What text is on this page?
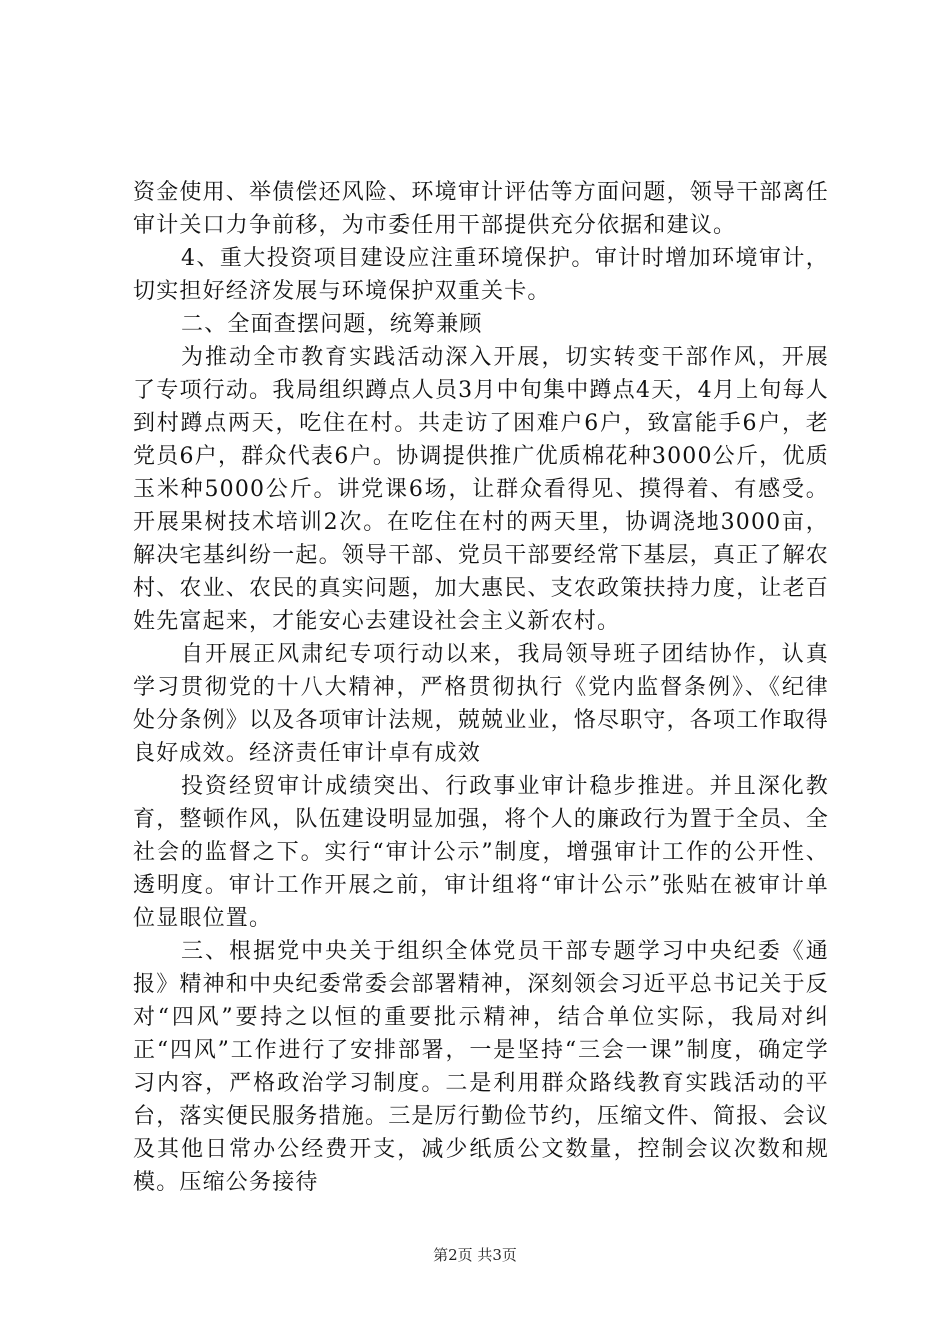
资金使用、举债偿还风险、环境审计评估等方面问题，领导干部离任审计关口力争前移，为市委任用干部提供充分依据和建议。

4、重大投资项目建设应注重环境保护。审计时增加环境审计，切实担好经济发展与环境保护双重关卡。

二、全面查摆问题，统筹兼顾

为推动全市教育实践活动深入开展，切实转变干部作风，开展了专项行动。我局组织蹲点人员3月中旬集中蹲点4天，4月上旬每人到村蹲点两天，吃住在村。共走访了困难户6户，致富能手6户，老党员6户，群众代表6户。协调提供推广优质棉花种3000公斤，优质玉米种5000公斤。讲党课6场，让群众看得见、摸得着、有感受。开展果树技术培训2次。在吃住在村的两天里，协调浇地3000亩，解决宅基纠纷一起。领导干部、党员干部要经常下基层，真正了解农村、农业、农民的真实问题，加大惠民、支农政策扶持力度，让老百姓先富起来，才能安心去建设社会主义新农村。

自开展正风肃纪专项行动以来，我局领导班子团结协作，认真学习贯彻党的十八大精神，严格贯彻执行《党内监督条例》、《纪律处分条例》以及各项审计法规，兢兢业业，恪尽职守，各项工作取得良好成效。经济责任审计卓有成效

投资经贸审计成绩突出、行政事业审计稳步推进。并且深化教育，整顿作风，队伍建设明显加强，将个人的廉政行为置于全员、全社会的监督之下。实行“审计公示”制度，增强审计工作的公开性、透明度。审计工作开展之前，审计组将“审计公示”张贴在被审计单位显眼位置。

三、根据党中央关于组织全体党员干部专题学习中央纪委《通报》精神和中央纪委常委会部署精神，深刻领会习近平总书记关于反对“四风”要持之以恒的重要批示精神，结合单位实际，我局对纠正“四风”工作进行了安排部署，一是坚持“三会一课”制度，确定学习内容，严格政治学习制度。二是利用群众路线教育实践活动的平台，落实便民服务措施。三是厉行勤俭节约，压缩文件、简报、会议及其他日常办公经费开支，减少纸质公文数量，控制会议次数和规模。压缩公务接待

第2页 共3页
